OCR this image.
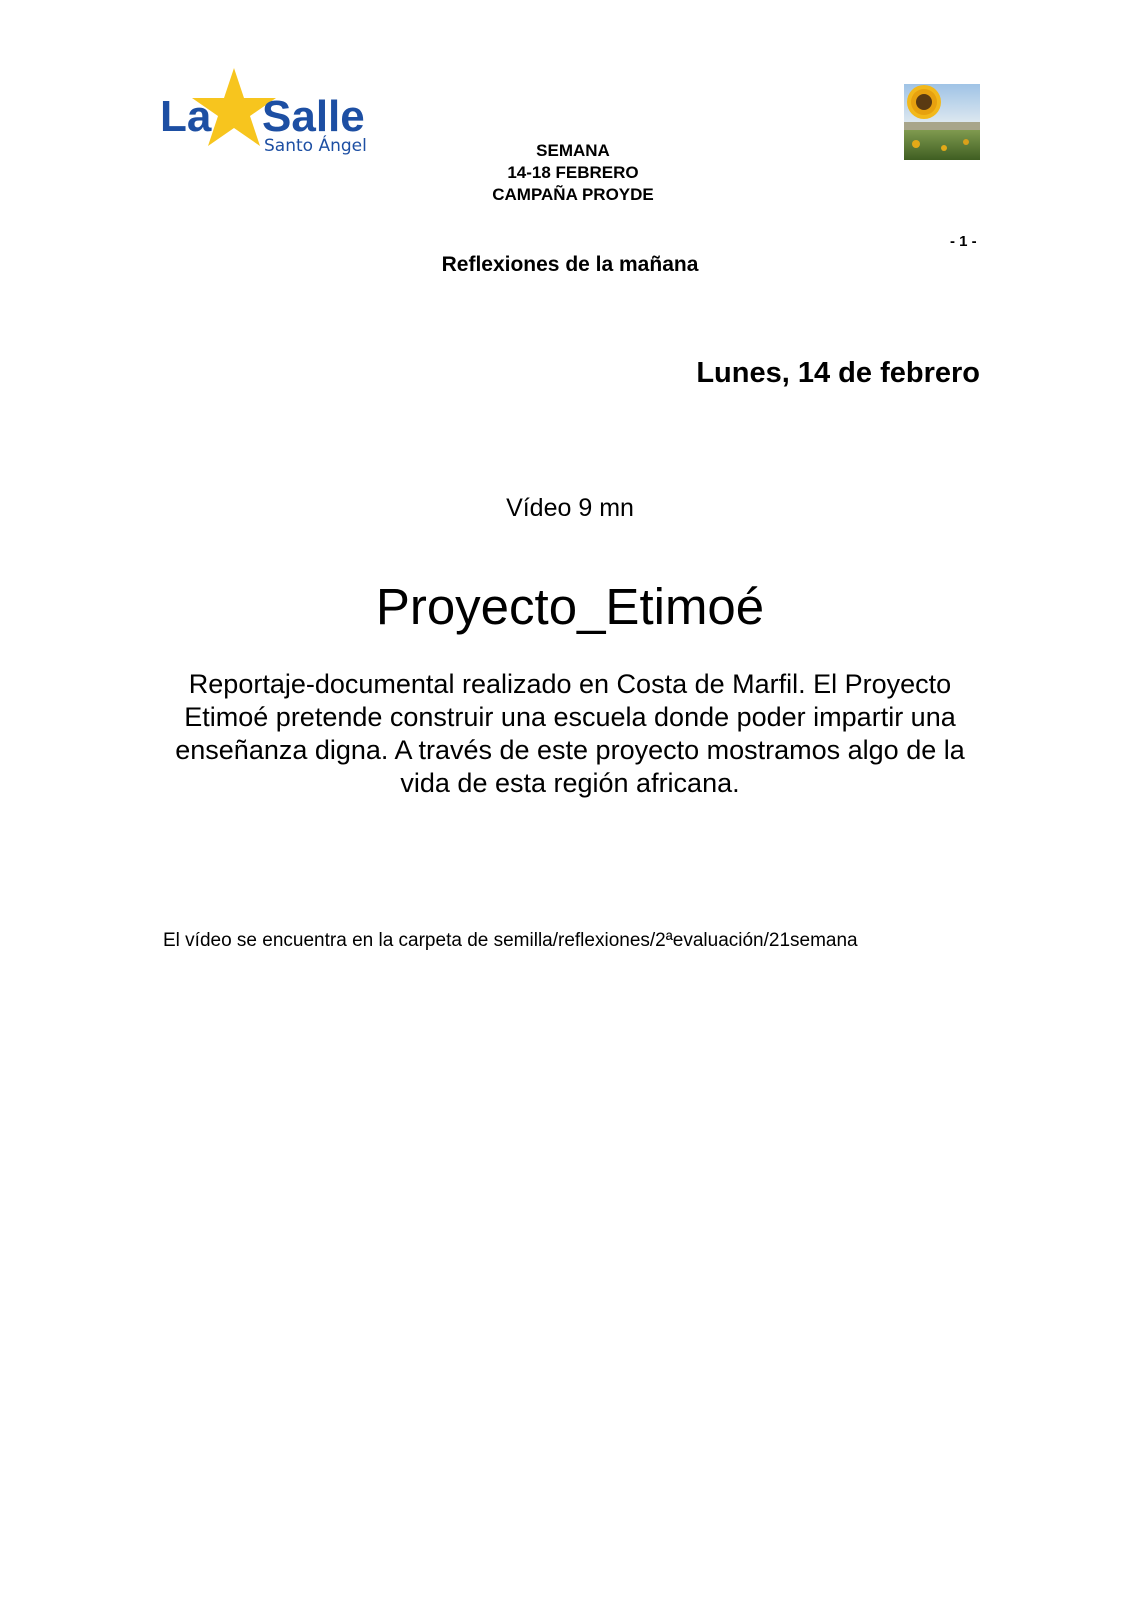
La Salle
Santo Ángel	SEMANA
14-18 FEBRERO
CAMPAÑA PROYDE
- 1 -
Reflexiones de la mañana
Lunes, 14 de febrero
Vídeo 9 mn
Proyecto_Etimoé
Reportaje-documental realizado en Costa de Marfil. El Proyecto Etimoé pretende construir una escuela donde poder impartir una enseñanza digna. A través de este proyecto mostramos algo de la vida de esta región africana.
El vídeo se encuentra en la carpeta de semilla/reflexiones/2ªevaluación/21semana
